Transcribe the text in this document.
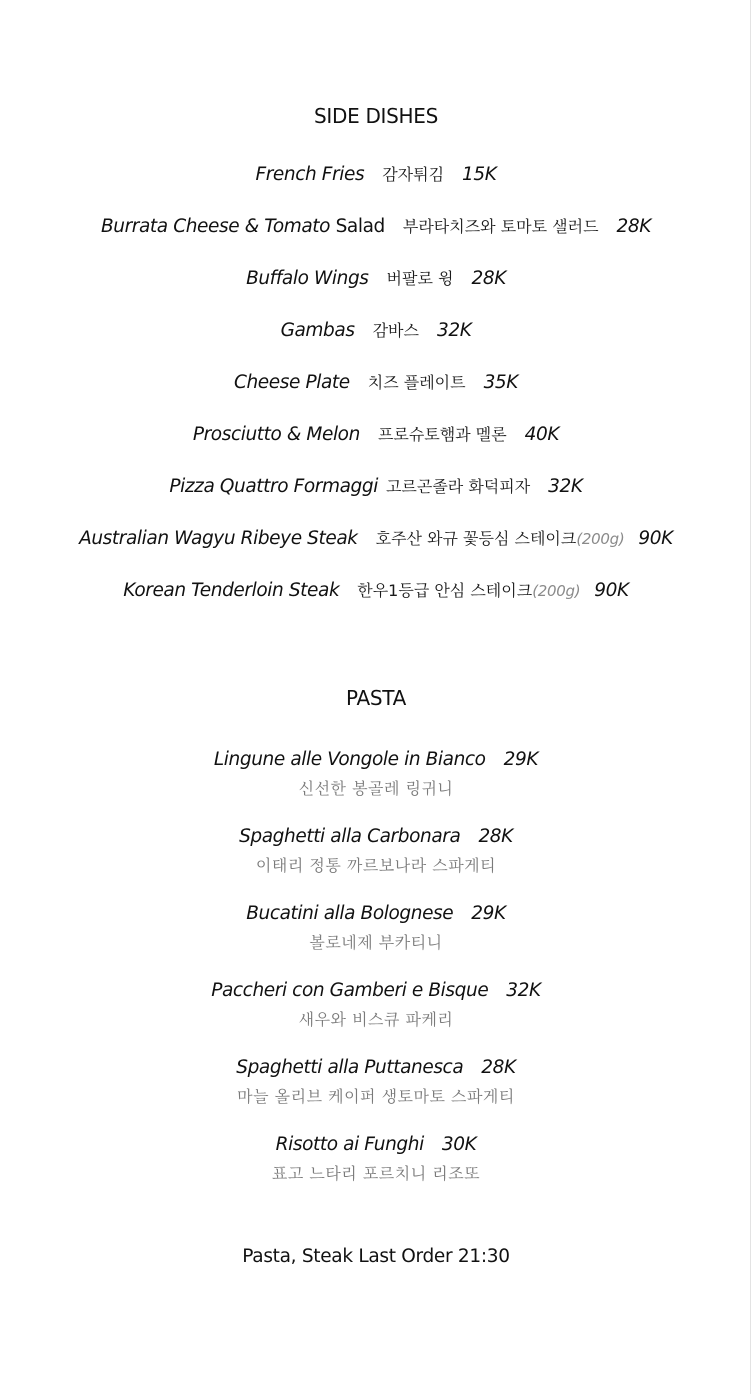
SIDE DISHES
French Fries 감자튀김 15K
Burrata Cheese & Tomato Salad 부라타치즈와 토마토 샐러드 28K
Buffalo Wings 버팔로 윙 28K
Gambas 감바스 32K
Cheese Plate 치즈 플레이트 35K
Prosciutto & Melon 프로슈토햄과 멜론 40K
Pizza Quattro Formaggi 고르곤졸라 화덕피자 32K
Australian Wagyu Ribeye Steak 호주산 와규 꽃등심 스테이크(200g) 90K
Korean Tenderloin Steak 한우1등급 안심 스테이크(200g) 90K
PASTA
Lingune alle Vongole in Bianco 29K
신선한 봉골레 링귀니
Spaghetti alla Carbonara 28K
이태리 정통 까르보나라 스파게티
Bucatini alla Bolognese 29K
볼로네제 부카티니
Paccheri con Gamberi e Bisque 32K
새우와 비스큐 파케리
Spaghetti alla Puttanesca 28K
마늘 올리브 케이퍼 생토마토 스파게티
Risotto ai Funghi 30K
표고 느타리 포르치니 리조또
Pasta, Steak Last Order 21:30
